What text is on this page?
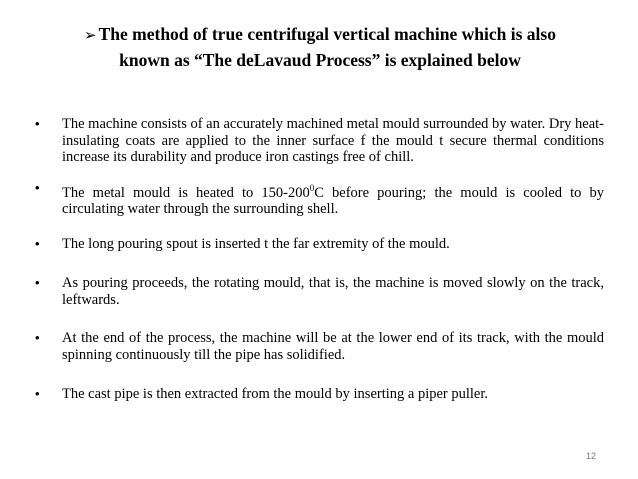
➢ The method of true centrifugal vertical machine which is also
known as “The deLavaud Process” is explained below
• The machine consists of an accurately machined metal mould surrounded by water. Dry heat-insulating coats are applied to the inner surface f the mould t secure thermal conditions increase its durability and produce iron castings free of chill.
• The metal mould is heated to $150-200^0C$ before pouring; the mould is cooled to by circulating water through the surrounding shell.
• The long pouring spout is inserted t the far extremity of the mould.
• As pouring proceeds, the rotating mould, that is, the machine is moved slowly on the track, leftwards.
• At the end of the process, the machine will be at the lower end of its track, with the mould spinning continuously till the pipe has solidified.
• The cast pipe is then extracted from the mould by inserting a piper puller.
12
